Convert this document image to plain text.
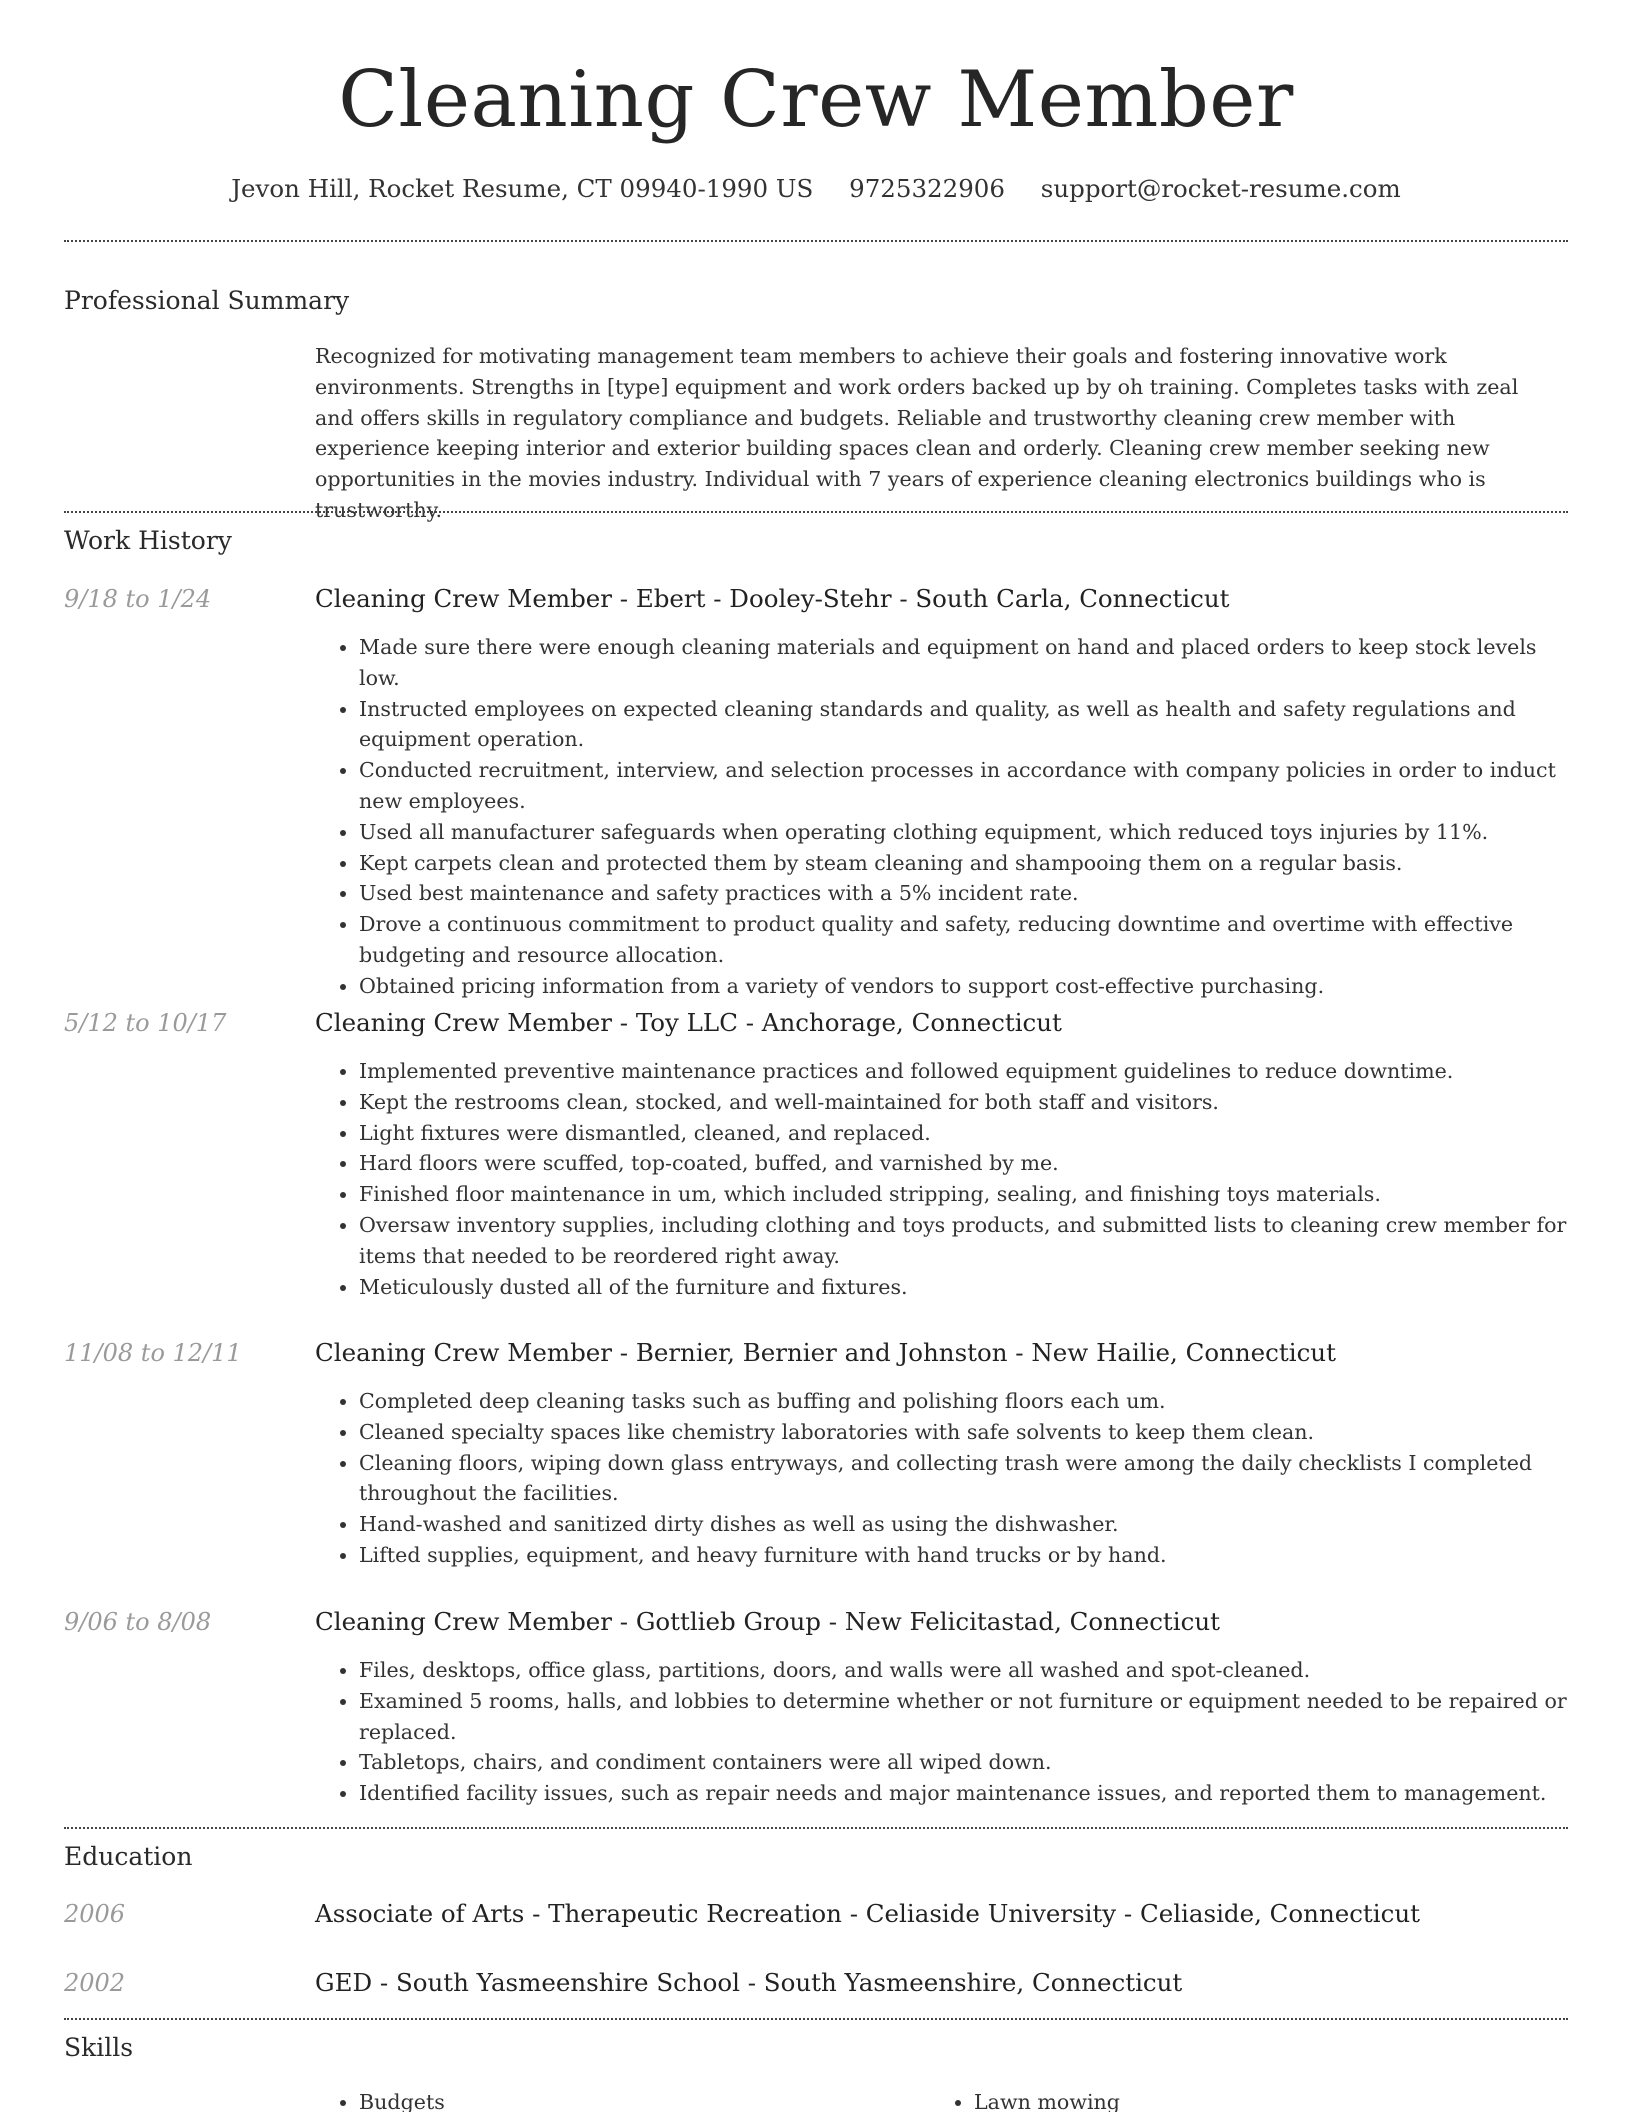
Cleaning Crew Member
Jevon Hill, Rocket Resume, CT 09940-1990 US 9725322906 support@rocket-resume.com
Professional Summary

Recognized for motivating management team members to achieve their goals and fostering innovative work environments. Strengths in [type] equipment and work orders backed up by oh training. Completes tasks with zeal and offers skills in regulatory compliance and budgets. Reliable and trustworthy cleaning crew member with experience keeping interior and exterior building spaces clean and orderly. Cleaning crew member seeking new opportunities in the movies industry. Individual with 7 years of experience cleaning electronics buildings who is trustworthy.

Work History
9/18 to 1/24	Cleaning Crew Member - Ebert - Dooley-Stehr - South Carla, Connecticut
• Made sure there were enough cleaning materials and equipment on hand and placed orders to keep stock levels low.
• Instructed employees on expected cleaning standards and quality, as well as health and safety regulations and equipment operation.
• Conducted recruitment, interview, and selection processes in accordance with company policies in order to induct new employees.
• Used all manufacturer safeguards when operating clothing equipment, which reduced toys injuries by 11%.
• Kept carpets clean and protected them by steam cleaning and shampooing them on a regular basis.
• Used best maintenance and safety practices with a 5% incident rate.
• Drove a continuous commitment to product quality and safety, reducing downtime and overtime with effective budgeting and resource allocation.
• Obtained pricing information from a variety of vendors to support cost-effective purchasing.
5/12 to 10/17	Cleaning Crew Member - Toy LLC - Anchorage, Connecticut
• Implemented preventive maintenance practices and followed equipment guidelines to reduce downtime.
• Kept the restrooms clean, stocked, and well-maintained for both staff and visitors.
• Light fixtures were dismantled, cleaned, and replaced.
• Hard floors were scuffed, top-coated, buffed, and varnished by me.
• Finished floor maintenance in um, which included stripping, sealing, and finishing toys materials.
• Oversaw inventory supplies, including clothing and toys products, and submitted lists to cleaning crew member for items that needed to be reordered right away.
• Meticulously dusted all of the furniture and fixtures.
11/08 to 12/11	Cleaning Crew Member - Bernier, Bernier and Johnston - New Hailie, Connecticut
• Completed deep cleaning tasks such as buffing and polishing floors each um.
• Cleaned specialty spaces like chemistry laboratories with safe solvents to keep them clean.
• Cleaning floors, wiping down glass entryways, and collecting trash were among the daily checklists I completed throughout the facilities.
• Hand-washed and sanitized dirty dishes as well as using the dishwasher.
• Lifted supplies, equipment, and heavy furniture with hand trucks or by hand.
9/06 to 8/08	Cleaning Crew Member - Gottlieb Group - New Felicitastad, Connecticut
• Files, desktops, office glass, partitions, doors, and walls were all washed and spot-cleaned.
• Examined 5 rooms, halls, and lobbies to determine whether or not furniture or equipment needed to be repaired or replaced.
• Tabletops, chairs, and condiment containers were all wiped down.
• Identified facility issues, such as repair needs and major maintenance issues, and reported them to management.
Education
2006	Associate of Arts - Therapeutic Recreation - Celiaside University - Celiaside, Connecticut
2002	GED - South Yasmeenshire School - South Yasmeenshire, Connecticut
Skills
• Budgets
•	Lawn mowing
